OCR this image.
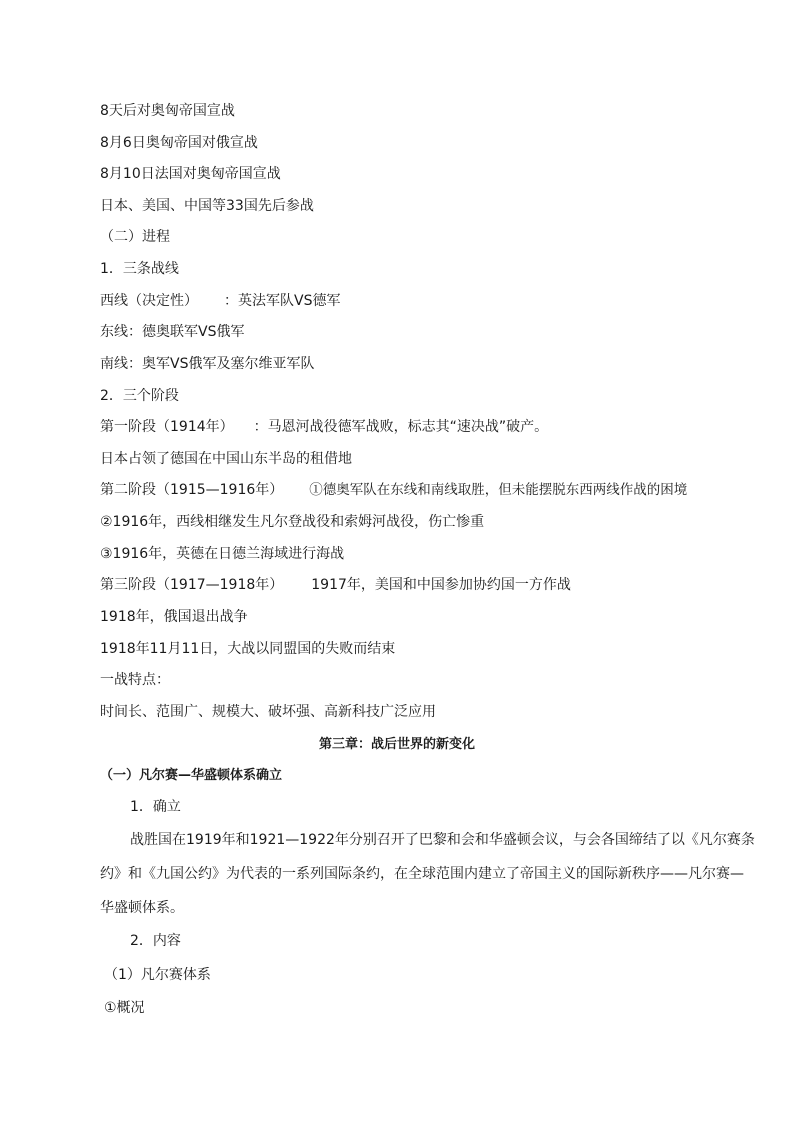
8天后对奥匈帝国宣战
8月6日奥匈帝国对俄宣战
8月10日法国对奥匈帝国宣战
日本、美国、中国等33国先后参战
（二）进程
1．三条战线
西线（决定性） ：英法军队VS德军
东线：德奥联军VS俄军
南线：奥军VS俄军及塞尔维亚军队
2．三个阶段
第一阶段（1914年） ：马恩河战役德军战败，标志其“速决战”破产。
日本占领了德国在中国山东半岛的租借地
第二阶段（1915—1916年） ①德奥军队在东线和南线取胜，但未能摆脱东西两线作战的困境
②1916年，西线相继发生凡尔登战役和索姆河战役，伤亡惨重
③1916年，英德在日德兰海域进行海战
第三阶段（1917—1918年） 1917年，美国和中国参加协约国一方作战
1918年，俄国退出战争
1918年11月11日，大战以同盟国的失败而结束
一战特点：
时间长、范围广、规模大、破坏强、高新科技广泛应用
第三章：战后世界的新变化
（一）凡尔赛—华盛顿体系确立
1．确立
战胜国在1919年和1921—1922年分别召开了巴黎和会和华盛顿会议，与会各国缔结了以《凡尔赛条
约》和《九国公约》为代表的一系列国际条约，在全球范围内建立了帝国主义的国际新秩序——凡尔赛—
华盛顿体系。
2．内容
（1）凡尔赛体系
①概况
